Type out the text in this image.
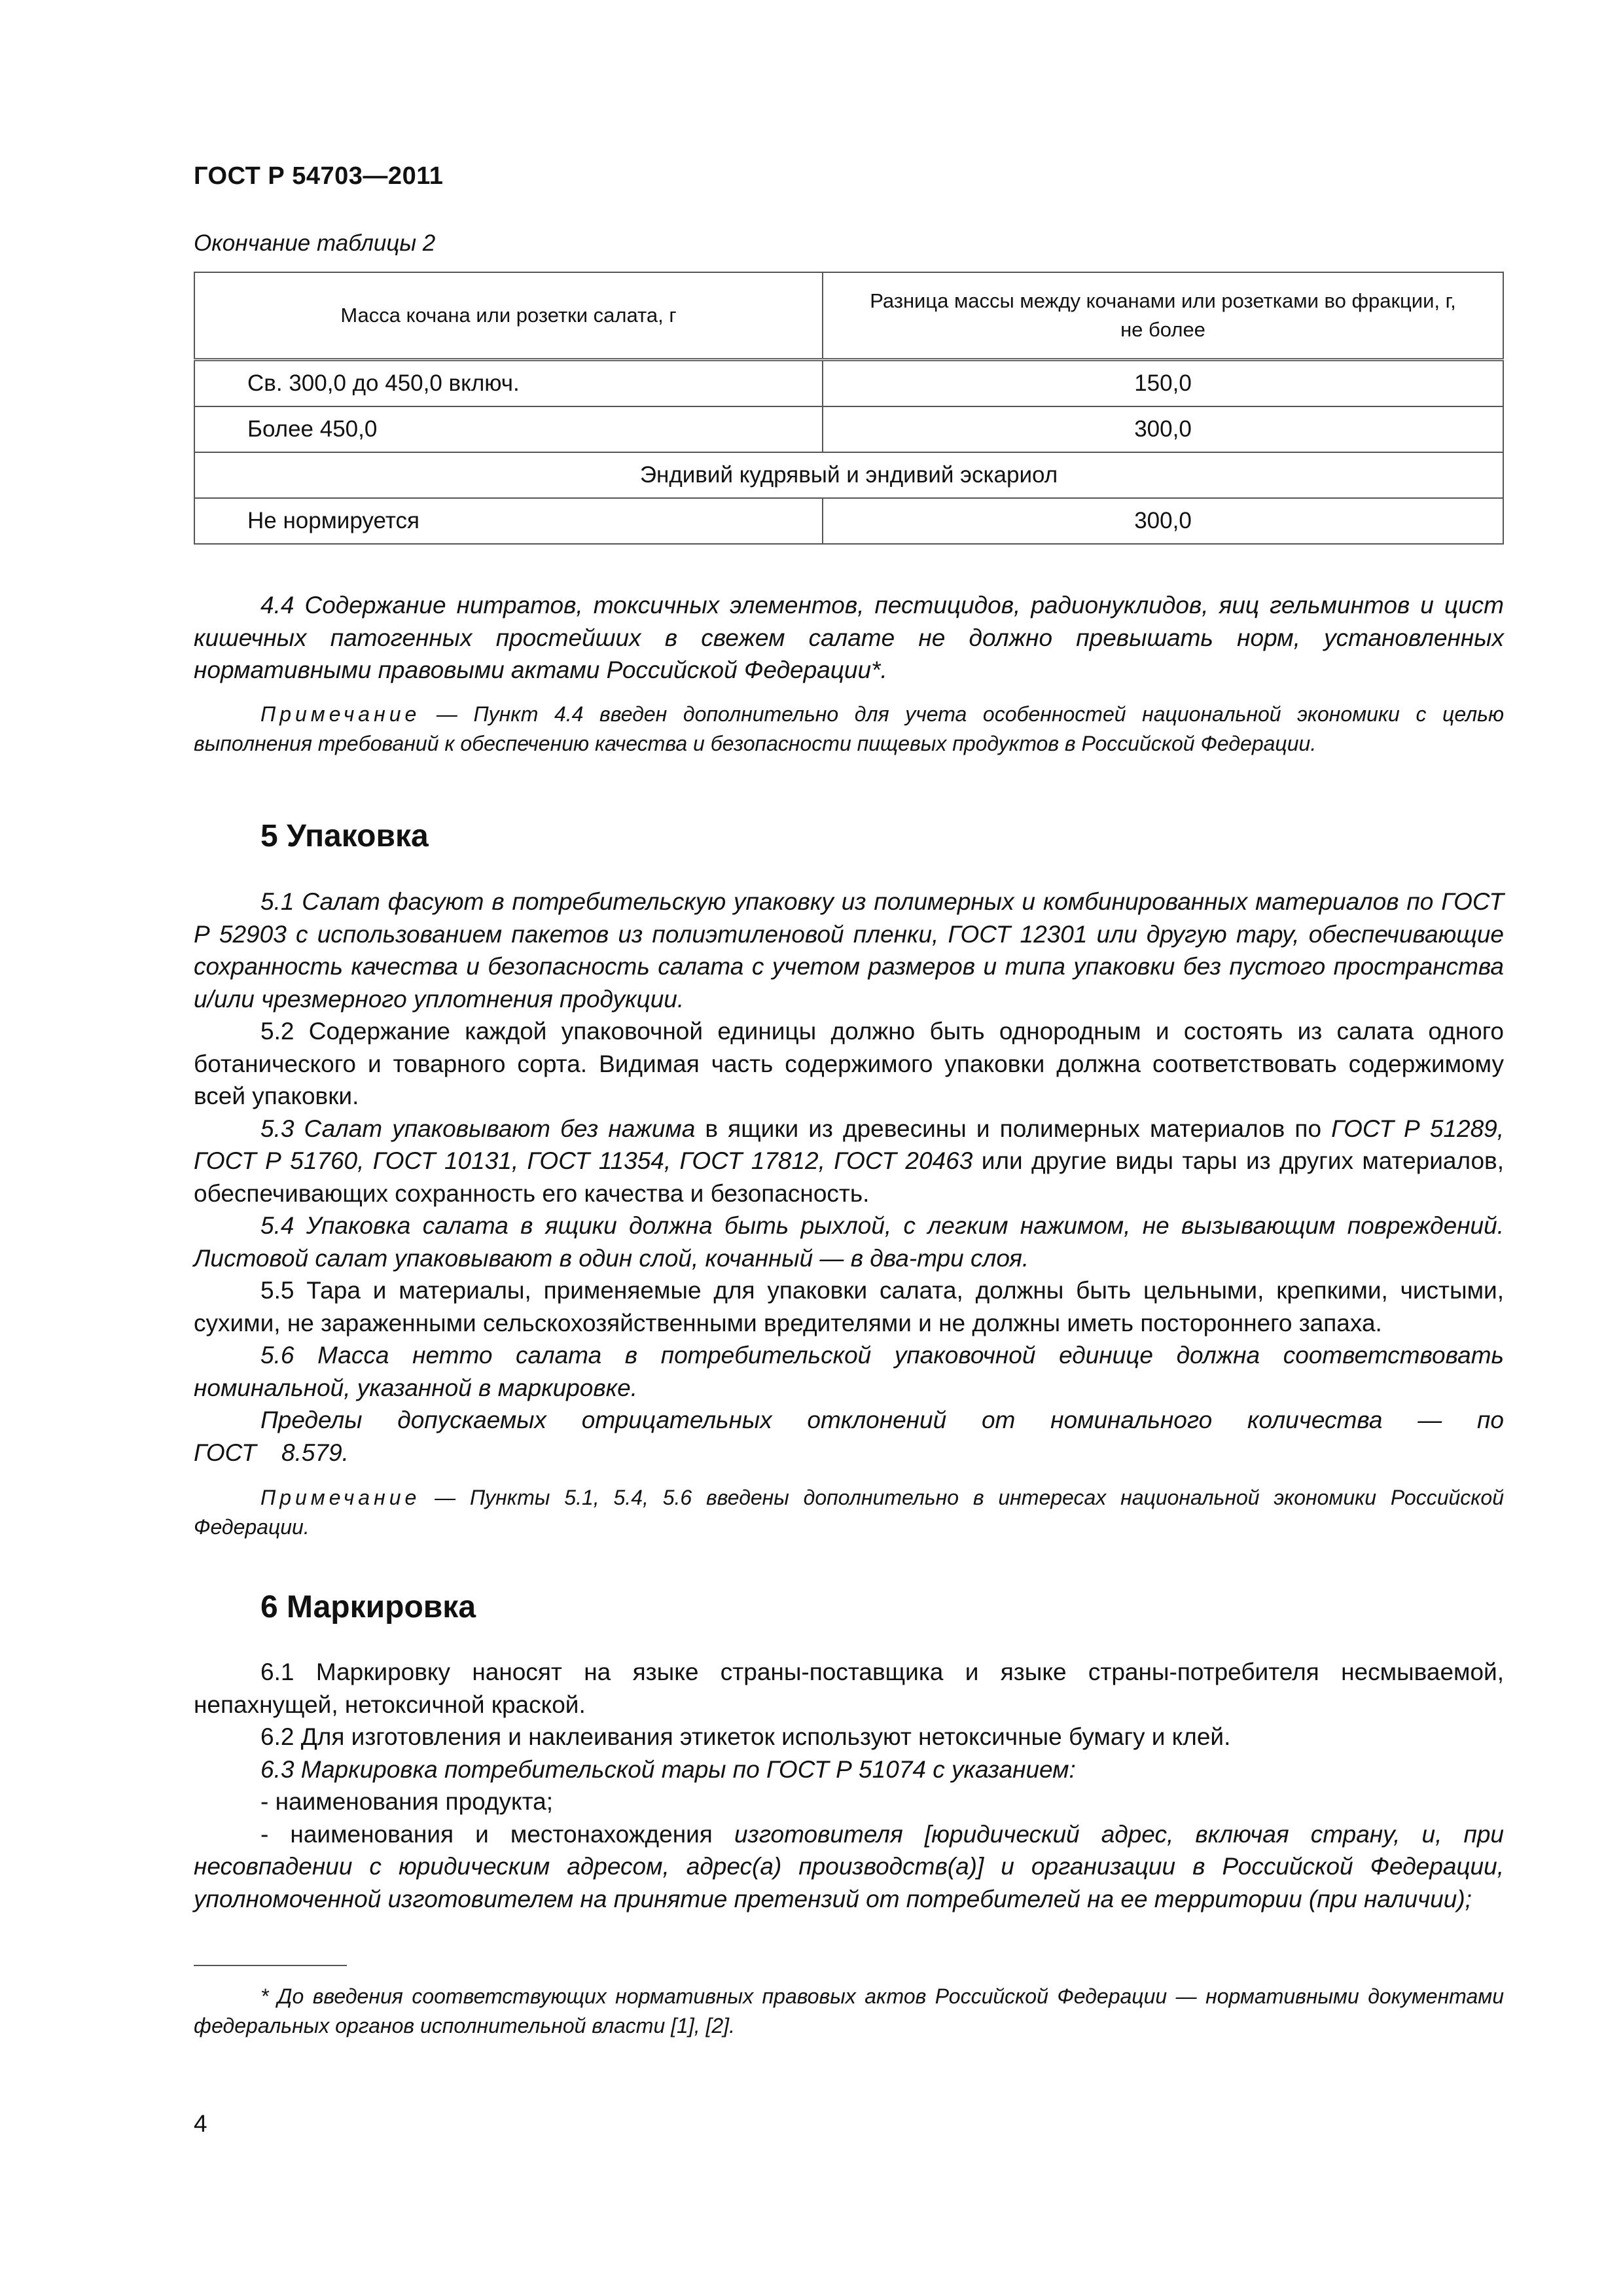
ГОСТ Р 54703—2011
Окончание таблицы 2
Масса кочана или розетки салата, г	Разница массы между кочанами или розетками во фракции, г, не более
Св. 300,0 до 450,0 включ.	150,0
Более 450,0	300,0
Эндивий кудрявый и эндивий эскариол	
Не нормируется	300,0

4.4 Содержание нитратов, токсичных элементов, пестицидов, радионуклидов, яиц гельминтов и цист кишечных патогенных простейших в свежем салате не должно превышать норм, установленных нормативными правовыми актами Российской Федерации*.

Примечание — Пункт 4.4 введен дополнительно для учета особенностей национальной экономики с целью выполнения требований к обеспечению качества и безопасности пищевых продуктов в Российской Федерации.

5 Упаковка

5.1 Салат фасуют в потребительскую упаковку из полимерных и комбинированных материалов по ГОСТ Р 52903 с использованием пакетов из полиэтиленовой пленки, ГОСТ 12301 или другую тару, обеспечивающие сохранность качества и безопасность салата с учетом размеров и типа упаковки без пустого пространства и/или чрезмерного уплотнения продукции.

5.2 Содержание каждой упаковочной единицы должно быть однородным и состоять из салата одного ботанического и товарного сорта. Видимая часть содержимого упаковки должна соответствовать содержимому всей упаковки.

5.3 Салат упаковывают без нажима в ящики из древесины и полимерных материалов по ГОСТ Р 51289, ГОСТ Р 51760, ГОСТ 10131, ГОСТ 11354, ГОСТ 17812, ГОСТ 20463 или другие виды тары из других материалов, обеспечивающих сохранность его качества и безопасность.

5.4 Упаковка салата в ящики должна быть рыхлой, с легким нажимом, не вызывающим повреждений. Листовой салат упаковывают в один слой, кочанный — в два-три слоя.

5.5 Тара и материалы, применяемые для упаковки салата, должны быть цельными, крепкими, чистыми, сухими, не зараженными сельскохозяйственными вредителями и не должны иметь постороннего запаха.

5.6 Масса нетто салата в потребительской упаковочной единице должна соответствовать номинальной, указанной в маркировке.

Пределы допускаемых отрицательных отклонений от номинального количества — по ГОСТ 8.579.

Примечание — Пункты 5.1, 5.4, 5.6 введены дополнительно в интересах национальной экономики Российской Федерации.

6 Маркировка

6.1 Маркировку наносят на языке страны-поставщика и языке страны-потребителя несмываемой, непахнущей, нетоксичной краской.

6.2 Для изготовления и наклеивания этикеток используют нетоксичные бумагу и клей.

6.3 Маркировка потребительской тары по ГОСТ Р 51074 с указанием:

- наименования продукта;

- наименования и местонахождения изготовителя [юридический адрес, включая страну, и, при несовпадении с юридическим адресом, адрес(а) производств(а)] и организации в Российской Федерации, уполномоченной изготовителем на принятие претензий от потребителей на ее территории (при наличии);

* До введения соответствующих нормативных правовых актов Российской Федерации — нормативными документами федеральных органов исполнительной власти [1], [2].

4
